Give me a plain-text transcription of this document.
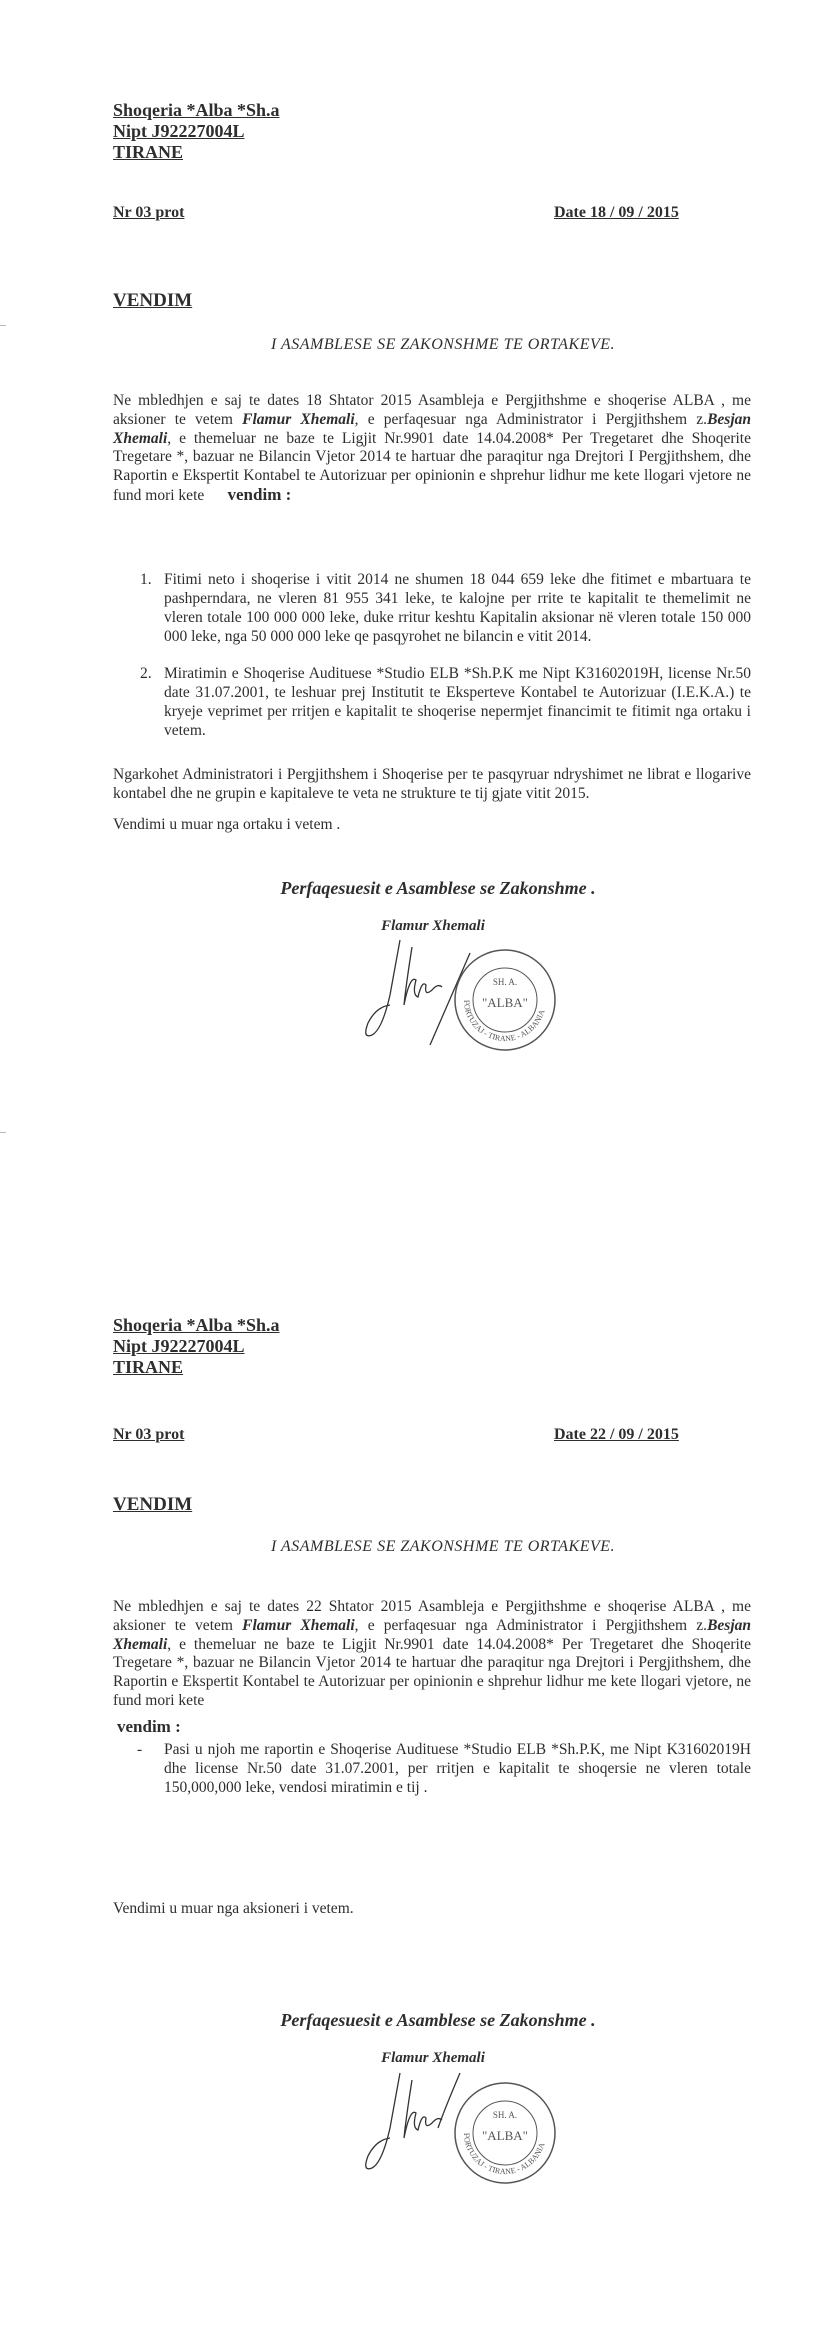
Shoqeria *Alba *Sh.a
Nipt J92227004L
TIRANE
Nr 03 prot	Date 18 / 09 / 2015
VENDIM
I ASAMBLESE SE ZAKONSHME TE ORTAKEVE.
Ne mbledhjen e saj te dates 18 Shtator 2015 Asambleja e Pergjithshme e shoqerise ALBA , me aksioner te vetem Flamur Xhemali, e perfaqesuar nga Administrator i Pergjithshem z.Besjan Xhemali, e themeluar ne baze te Ligjit Nr.9901 date 14.04.2008* Per Tregetaret dhe Shoqerite Tregetare *, bazuar ne Bilancin Vjetor 2014 te hartuar dhe paraqitur nga Drejtori I Pergjithshem, dhe Raportin e Ekspertit Kontabel te Autorizuar per opinionin e shprehur lidhur me kete llogari vjetore ne fund mori kete vendim :
1. Fitimi neto i shoqerise i vitit 2014 ne shumen 18 044 659 leke dhe fitimet e mbartuara te pashperndara, ne vleren 81 955 341 leke, te kalojne per rrite te kapitalit te themelimit ne vleren totale 100 000 000 leke, duke rritur keshtu Kapitalin aksionar në vleren totale 150 000 000 leke, nga 50 000 000 leke qe pasqyrohet ne bilancin e vitit 2014.
2. Miratimin e Shoqerise Audituese *Studio ELB *Sh.P.K me Nipt K31602019H, license Nr.50 date 31.07.2001, te leshuar prej Institutit te Eksperteve Kontabel te Autorizuar (I.E.K.A.) te kryeje veprimet per rritjen e kapitalit te shoqerise nepermjet financimit te fitimit nga ortaku i vetem.
Ngarkohet Administratori i Pergjithshem i Shoqerise per te pasqyruar ndryshimet ne librat e llogarive kontabel dhe ne grupin e kapitaleve te veta ne strukture te tij gjate vitit 2015.
Vendimi u muar nga ortaku i vetem .
Perfaqesuesit e Asamblese se Zakonshme .
Flamur Xhemali
FORTUZAJ - TIRANE - ALBANIA
SH. A.
"ALBA"
Shoqeria *Alba *Sh.a
Nipt J92227004L
TIRANE
Nr 03 prot	Date 22 / 09 / 2015
VENDIM
I ASAMBLESE SE ZAKONSHME TE ORTAKEVE.
Ne mbledhjen e saj te dates 22 Shtator 2015 Asambleja e Pergjithshme e shoqerise ALBA , me aksioner te vetem Flamur Xhemali, e perfaqesuar nga Administrator i Pergjithshem z.Besjan Xhemali, e themeluar ne baze te Ligjit Nr.9901 date 14.04.2008* Per Tregetaret dhe Shoqerite Tregetare *, bazuar ne Bilancin Vjetor 2014 te hartuar dhe paraqitur nga Drejtori i Pergjithshem, dhe Raportin e Ekspertit Kontabel te Autorizuar per opinionin e shprehur lidhur me kete llogari vjetore, ne fund mori kete
vendim :
- Pasi u njoh me raportin e Shoqerise Audituese *Studio ELB *Sh.P.K, me Nipt K31602019H dhe license Nr.50 date 31.07.2001, per rritjen e kapitalit te shoqersie ne vleren totale 150,000,000 leke, vendosi miratimin e tij .
Vendimi u muar nga aksioneri i vetem.
Perfaqesuesit e Asamblese se Zakonshme .
Flamur Xhemali
FORTUZAJ - TIRANE - ALBANIA
SH. A.
"ALBA"
